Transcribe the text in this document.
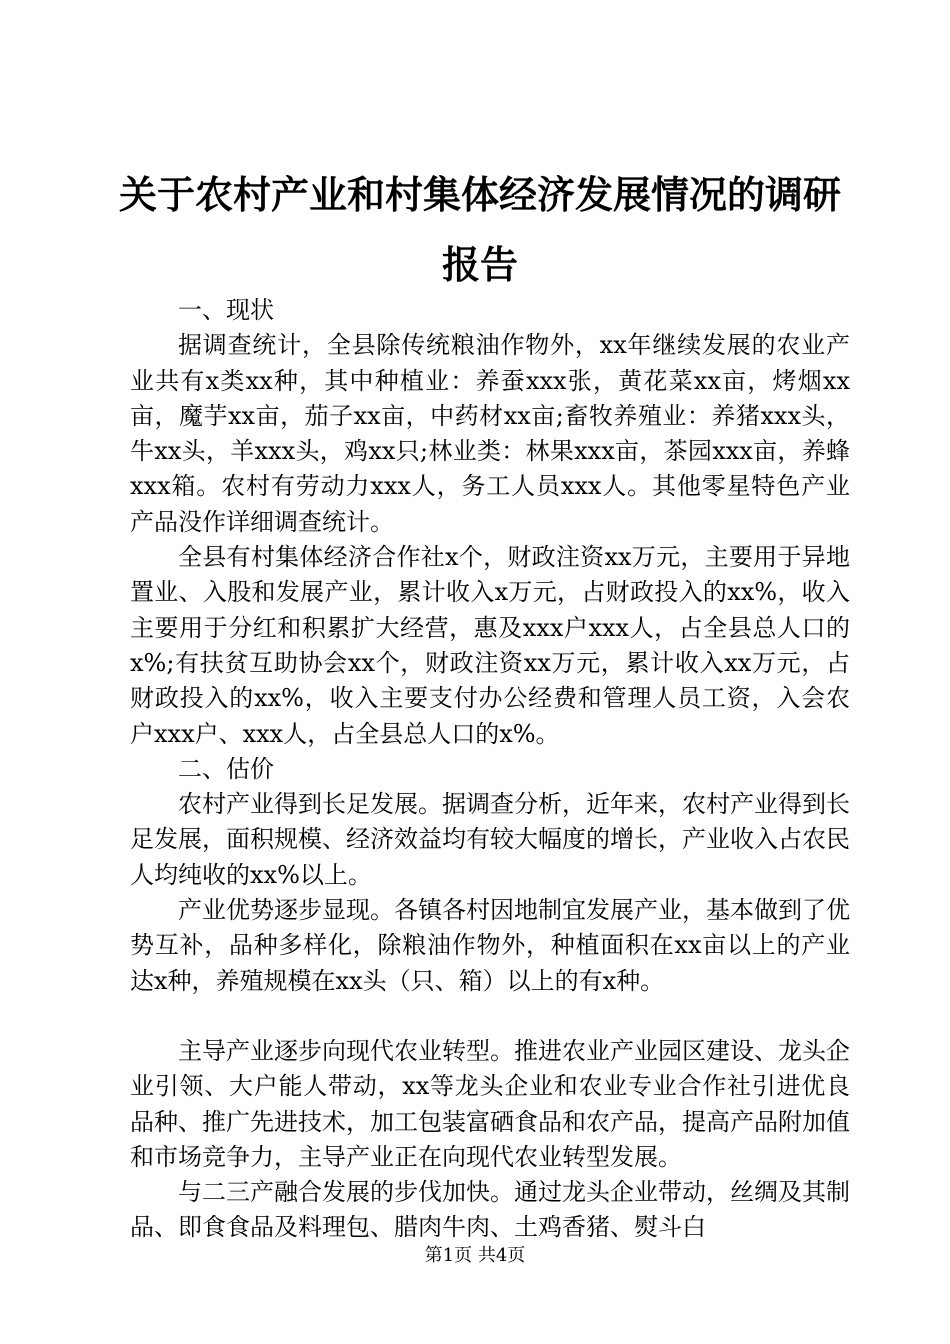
关于农村产业和村集体经济发展情况的调研报告

一、现状

据调查统计，全县除传统粮油作物外，xx年继续发展的农业产业共有x类xx种，其中种植业：养蚕xxx张，黄花菜xx亩，烤烟xx亩，魔芋xx亩，茄子xx亩，中药材xx亩;畜牧养殖业：养猪xxx头，牛xx头，羊xxx头，鸡xx只;林业类：林果xxx亩，茶园xxx亩，养蜂xxx箱。农村有劳动力xxx人，务工人员xxx人。其他零星特色产业产品没作详细调查统计。

全县有村集体经济合作社x个，财政注资xx万元，主要用于异地置业、入股和发展产业，累计收入x万元，占财政投入的xx%，收入主要用于分红和积累扩大经营，惠及xxx户xxx人，占全县总人口的x%;有扶贫互助协会xx个，财政注资xx万元，累计收入xx万元，占财政投入的xx%，收入主要支付办公经费和管理人员工资，入会农户xxx户、xxx人，占全县总人口的x%。

二、估价

农村产业得到长足发展。据调查分析，近年来，农村产业得到长足发展，面积规模、经济效益均有较大幅度的增长，产业收入占农民人均纯收的xx%以上。

产业优势逐步显现。各镇各村因地制宜发展产业，基本做到了优势互补，品种多样化，除粮油作物外，种植面积在xx亩以上的产业达x种，养殖规模在xx头（只、箱）以上的有x种。

主导产业逐步向现代农业转型。推进农业产业园区建设、龙头企业引领、大户能人带动，xx等龙头企业和农业专业合作社引进优良品种、推广先进技术，加工包装富硒食品和农产品，提高产品附加值和市场竞争力，主导产业正在向现代农业转型发展。

与二三产融合发展的步伐加快。通过龙头企业带动，丝绸及其制品、即食食品及料理包、腊肉牛肉、土鸡香猪、熨斗白

第1页 共4页
